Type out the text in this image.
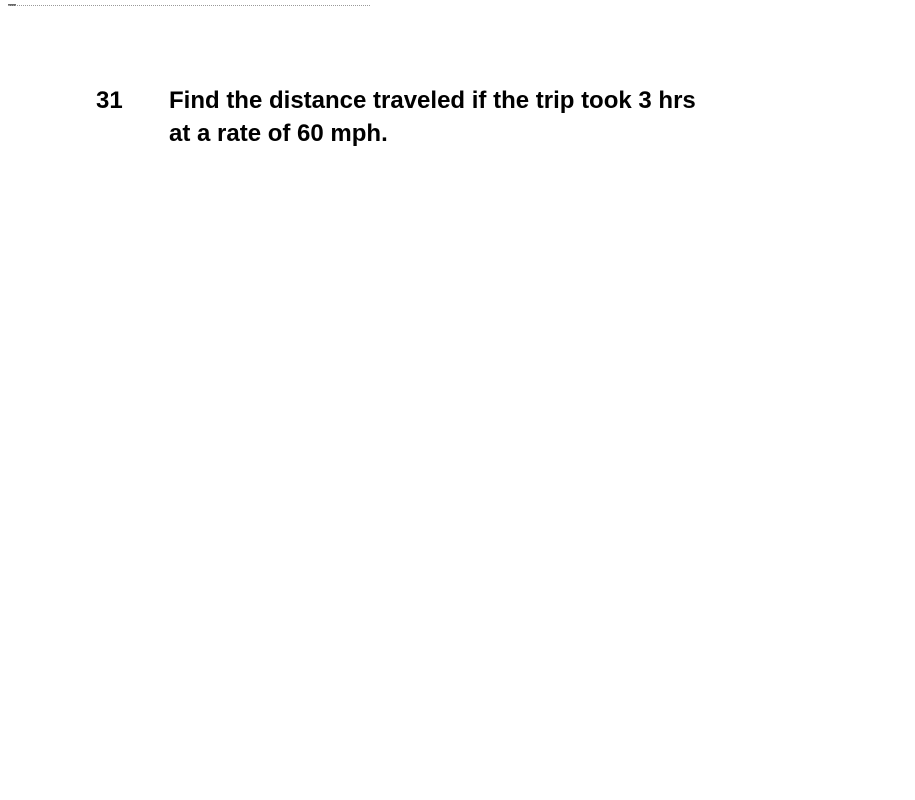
31	Find the distance traveled if the trip took 3 hrs
at a rate of 60 mph.
